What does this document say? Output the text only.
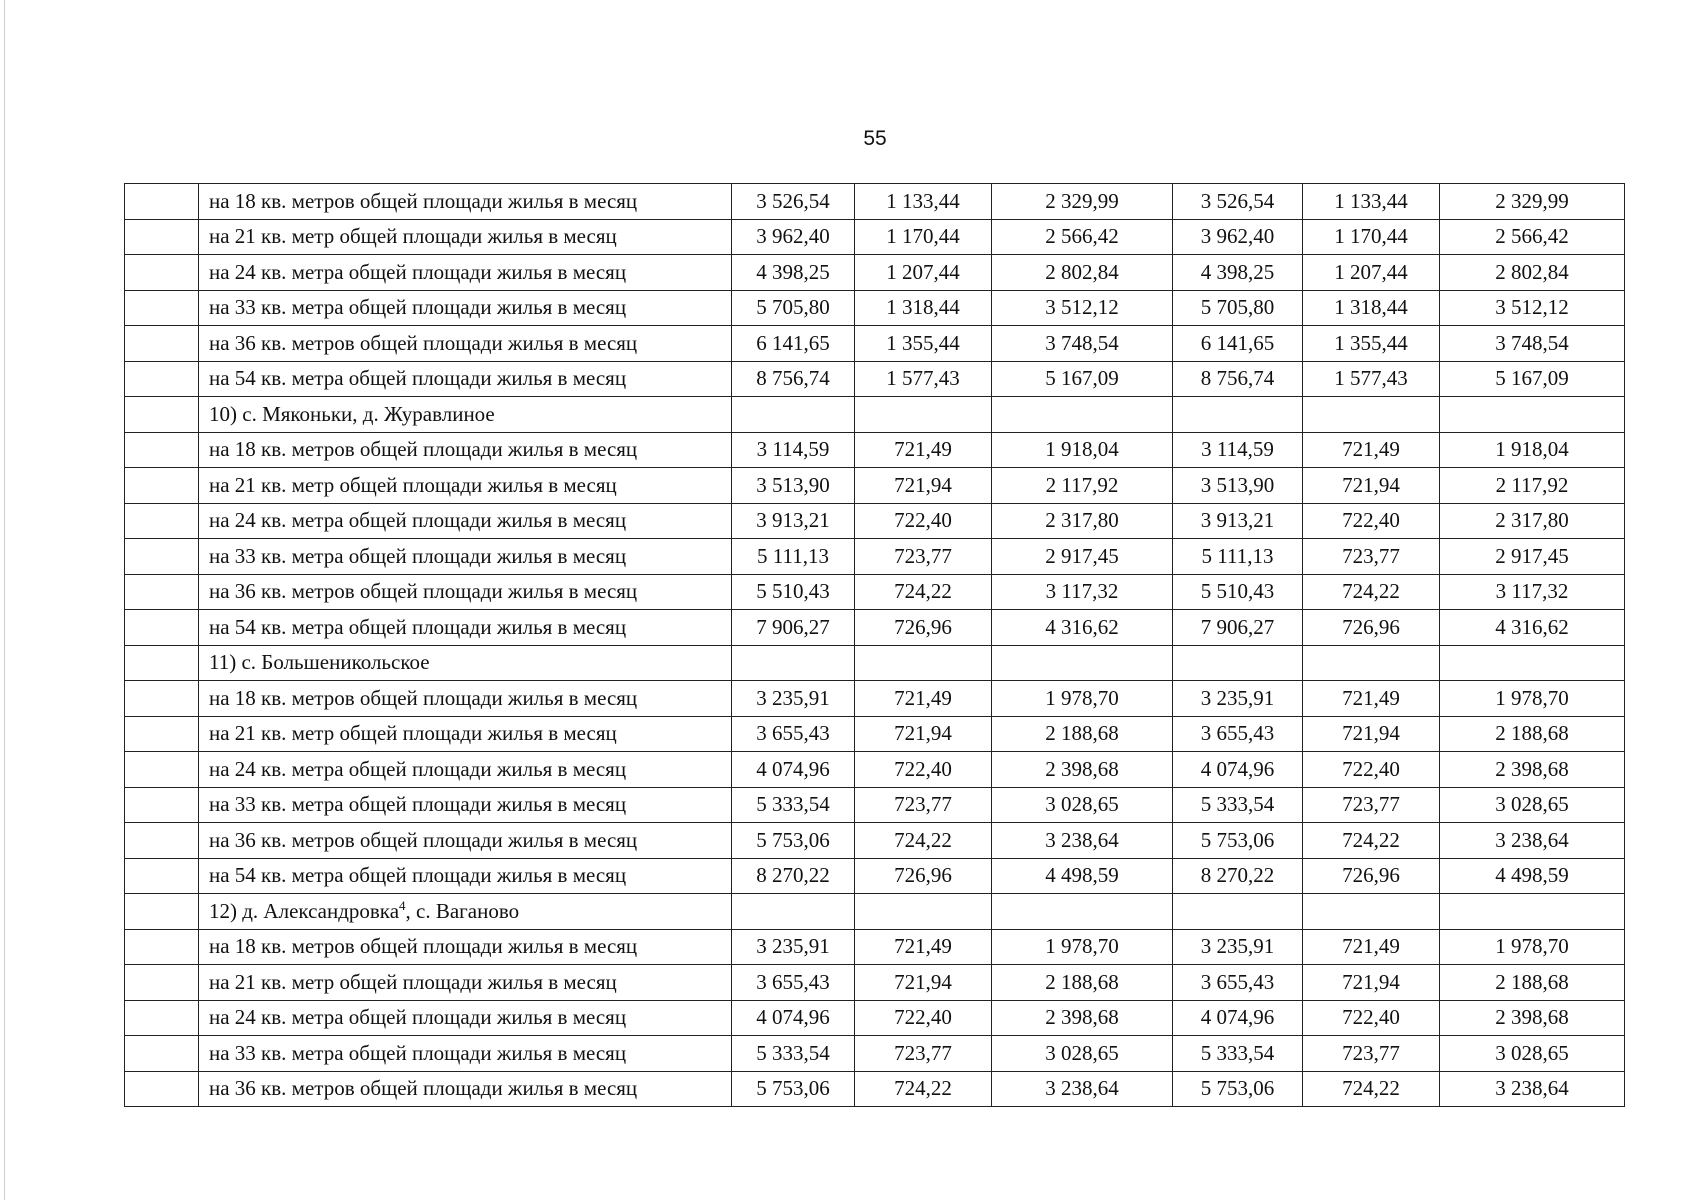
55
	на 18 кв. метров общей площади жилья в месяц	3 526,54	1 133,44	2 329,99	3 526,54	1 133,44	2 329,99
	на 21 кв. метр общей площади жилья в месяц	3 962,40	1 170,44	2 566,42	3 962,40	1 170,44	2 566,42
	на 24 кв. метра общей площади жилья в месяц	4 398,25	1 207,44	2 802,84	4 398,25	1 207,44	2 802,84
	на 33 кв. метра общей площади жилья в месяц	5 705,80	1 318,44	3 512,12	5 705,80	1 318,44	3 512,12
	на 36 кв. метров общей площади жилья в месяц	6 141,65	1 355,44	3 748,54	6 141,65	1 355,44	3 748,54
	на 54 кв. метра общей площади жилья в месяц	8 756,74	1 577,43	5 167,09	8 756,74	1 577,43	5 167,09
	10) с. Мяконьки, д. Журавлиное						
	на 18 кв. метров общей площади жилья в месяц	3 114,59	721,49	1 918,04	3 114,59	721,49	1 918,04
	на 21 кв. метр общей площади жилья в месяц	3 513,90	721,94	2 117,92	3 513,90	721,94	2 117,92
	на 24 кв. метра общей площади жилья в месяц	3 913,21	722,40	2 317,80	3 913,21	722,40	2 317,80
	на 33 кв. метра общей площади жилья в месяц	5 111,13	723,77	2 917,45	5 111,13	723,77	2 917,45
	на 36 кв. метров общей площади жилья в месяц	5 510,43	724,22	3 117,32	5 510,43	724,22	3 117,32
	на 54 кв. метра общей площади жилья в месяц	7 906,27	726,96	4 316,62	7 906,27	726,96	4 316,62
	11) с. Большеникольское						
	на 18 кв. метров общей площади жилья в месяц	3 235,91	721,49	1 978,70	3 235,91	721,49	1 978,70
	на 21 кв. метр общей площади жилья в месяц	3 655,43	721,94	2 188,68	3 655,43	721,94	2 188,68
	на 24 кв. метра общей площади жилья в месяц	4 074,96	722,40	2 398,68	4 074,96	722,40	2 398,68
	на 33 кв. метра общей площади жилья в месяц	5 333,54	723,77	3 028,65	5 333,54	723,77	3 028,65
	на 36 кв. метров общей площади жилья в месяц	5 753,06	724,22	3 238,64	5 753,06	724,22	3 238,64
	на 54 кв. метра общей площади жилья в месяц	8 270,22	726,96	4 498,59	8 270,22	726,96	4 498,59
	12) д. Александровка$^4$, с. Ваганово						
	на 18 кв. метров общей площади жилья в месяц	3 235,91	721,49	1 978,70	3 235,91	721,49	1 978,70
	на 21 кв. метр общей площади жилья в месяц	3 655,43	721,94	2 188,68	3 655,43	721,94	2 188,68
	на 24 кв. метра общей площади жилья в месяц	4 074,96	722,40	2 398,68	4 074,96	722,40	2 398,68
	на 33 кв. метра общей площади жилья в месяц	5 333,54	723,77	3 028,65	5 333,54	723,77	3 028,65
	на 36 кв. метров общей площади жилья в месяц	5 753,06	724,22	3 238,64	5 753,06	724,22	3 238,64
